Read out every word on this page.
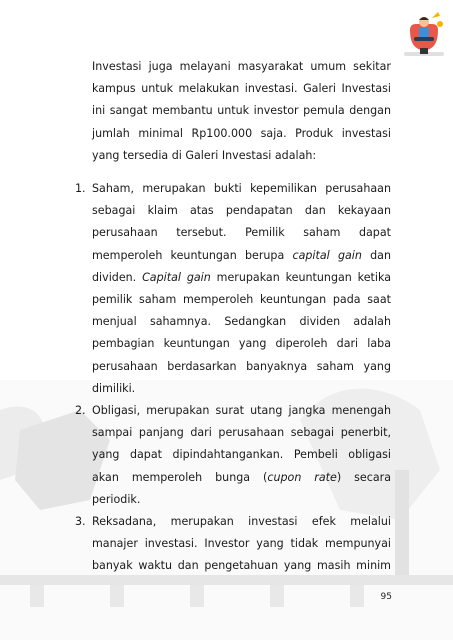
Investasi juga melayani masyarakat umum sekitar kampus untuk melakukan investasi. Galeri Investasi ini sangat membantu untuk investor pemula dengan jumlah minimal Rp100.000 saja. Produk investasi yang tersedia di Galeri Investasi adalah:

1. Saham, merupakan bukti kepemilikan perusahaan sebagai klaim atas pendapatan dan kekayaan perusahaan tersebut. Pemilik saham dapat memperoleh keuntungan berupa capital gain dan dividen. Capital gain merupakan keuntungan ketika pemilik saham memperoleh keuntungan pada saat menjual sahamnya. Sedangkan dividen adalah pembagian keuntungan yang diperoleh dari laba perusahaan berdasarkan banyaknya saham yang dimiliki.
2. Obligasi, merupakan surat utang jangka menengah sampai panjang dari perusahaan sebagai penerbit, yang dapat dipindahtangankan. Pembeli obligasi akan memperoleh bunga (cupon rate) secara periodik.
3. Reksadana, merupakan investasi efek melalui manajer investasi. Investor yang tidak mempunyai banyak waktu dan pengetahuan yang masih minim
95
